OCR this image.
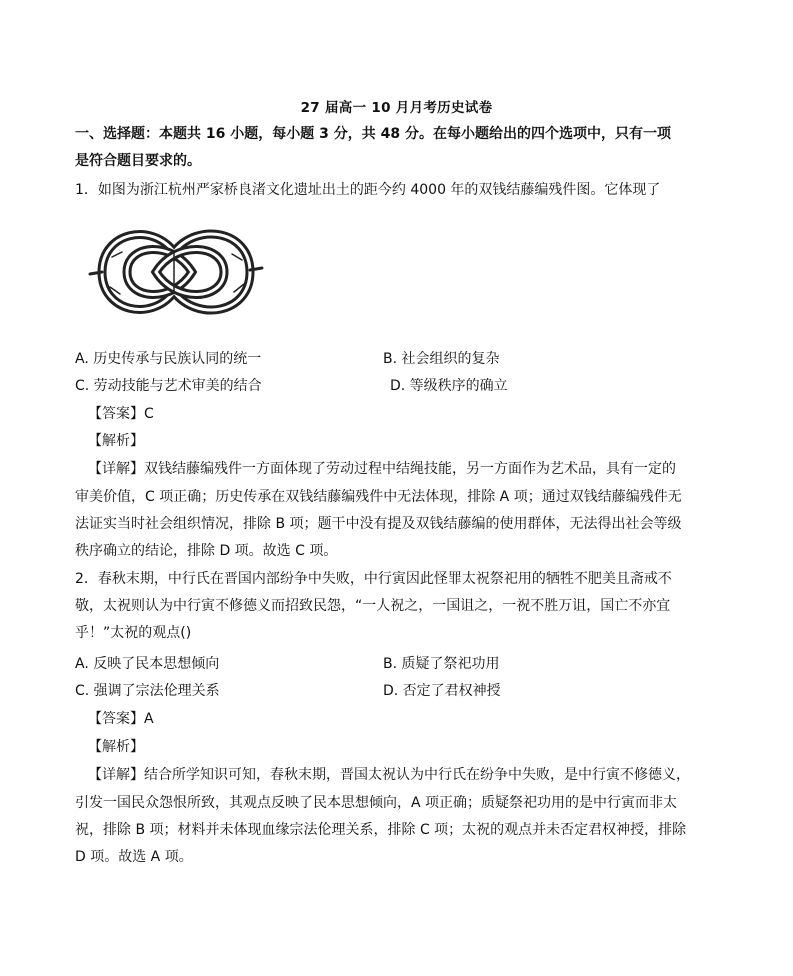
27 届高一 10 月月考历史试卷
一、选择题：本题共 16 小题，每小题 3 分，共 48 分。在每小题给出的四个选项中，只有一项
是符合题目要求的。
1．如图为浙江杭州严家桥良渚文化遗址出土的距今约 4000 年的双钱结藤编残件图。它体现了
A. 历史传承与民族认同的统一	B. 社会组织的复杂
C. 劳动技能与艺术审美的结合	D. 等级秩序的确立
【答案】C
【解析】
【详解】双钱结藤编残件一方面体现了劳动过程中结绳技能，另一方面作为艺术品，具有一定的
审美价值，C 项正确；历史传承在双钱结藤编残件中无法体现，排除 A 项；通过双钱结藤编残件无
法证实当时社会组织情况，排除 B 项；题干中没有提及双钱结藤编的使用群体，无法得出社会等级
秩序确立的结论，排除 D 项。故选 C 项。
2．春秋末期，中行氏在晋国内部纷争中失败，中行寅因此怪罪太祝祭祀用的牺牲不肥美且斋戒不
敬，太祝则认为中行寅不修德义而招致民怨，“一人祝之，一国诅之，一祝不胜万诅，国亡不亦宜
乎！”太祝的观点()
A. 反映了民本思想倾向	B. 质疑了祭祀功用
C. 强调了宗法伦理关系	D. 否定了君权神授
【答案】A
【解析】
【详解】结合所学知识可知，春秋末期，晋国太祝认为中行氏在纷争中失败，是中行寅不修德义，
引发一国民众怨恨所致，其观点反映了民本思想倾向，A 项正确；质疑祭祀功用的是中行寅而非太
祝，排除 B 项；材料并未体现血缘宗法伦理关系，排除 C 项；太祝的观点并未否定君权神授，排除
D 项。故选 A 项。
